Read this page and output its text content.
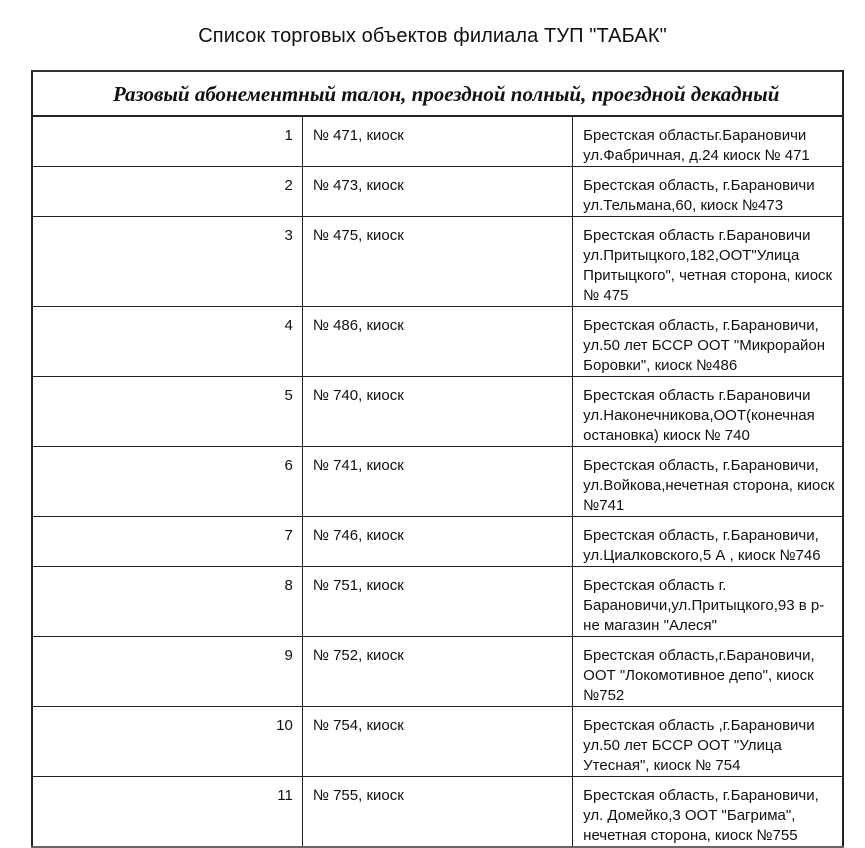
Список торговых объектов филиала ТУП "ТАБАК"
Разовый абонементный талон, проездной полный, проездной декадный		

1	№ 471, киоск	Брестская областьг.Барановичи ул.Фабричная, д.24 киоск № 471

2	№ 473, киоск	Брестская область, г.Барановичи ул.Тельмана,60, киоск №473

3	№ 475, киоск	Брестская область г.Барановичи ул.Притыцкого,182,ООТ"Улица Притыцкого", четная сторона, киоск № 475

4	№ 486, киоск	Брестская область, г.Барановичи, ул.50 лет БССР ООТ "Микрорайон Боровки", киоск №486

5	№ 740, киоск	Брестская область г.Барановичи ул.Наконечникова,ООТ(конечная остановка) киоск № 740

6	№ 741, киоск	Брестская область, г.Барановичи, ул.Войкова,нечетная сторона, киоск №741

7	№ 746, киоск	Брестская область, г.Барановичи, ул.Циалковского,5 А , киоск №746

8	№ 751, киоск	Брестская область г. Барановичи,ул.Притыцкого,93 в р-не магазин "Алеся"

9	№ 752, киоск	Брестская область,г.Барановичи, ООТ "Локомотивное депо", киоск №752

10	№ 754, киоск	Брестская область ,г.Барановичи ул.50 лет БССР ООТ "Улица Утесная", киоск № 754

11	№ 755, киоск	Брестская область, г.Барановичи, ул. Домейко,3 ООТ "Багрима", нечетная сторона, киоск №755
